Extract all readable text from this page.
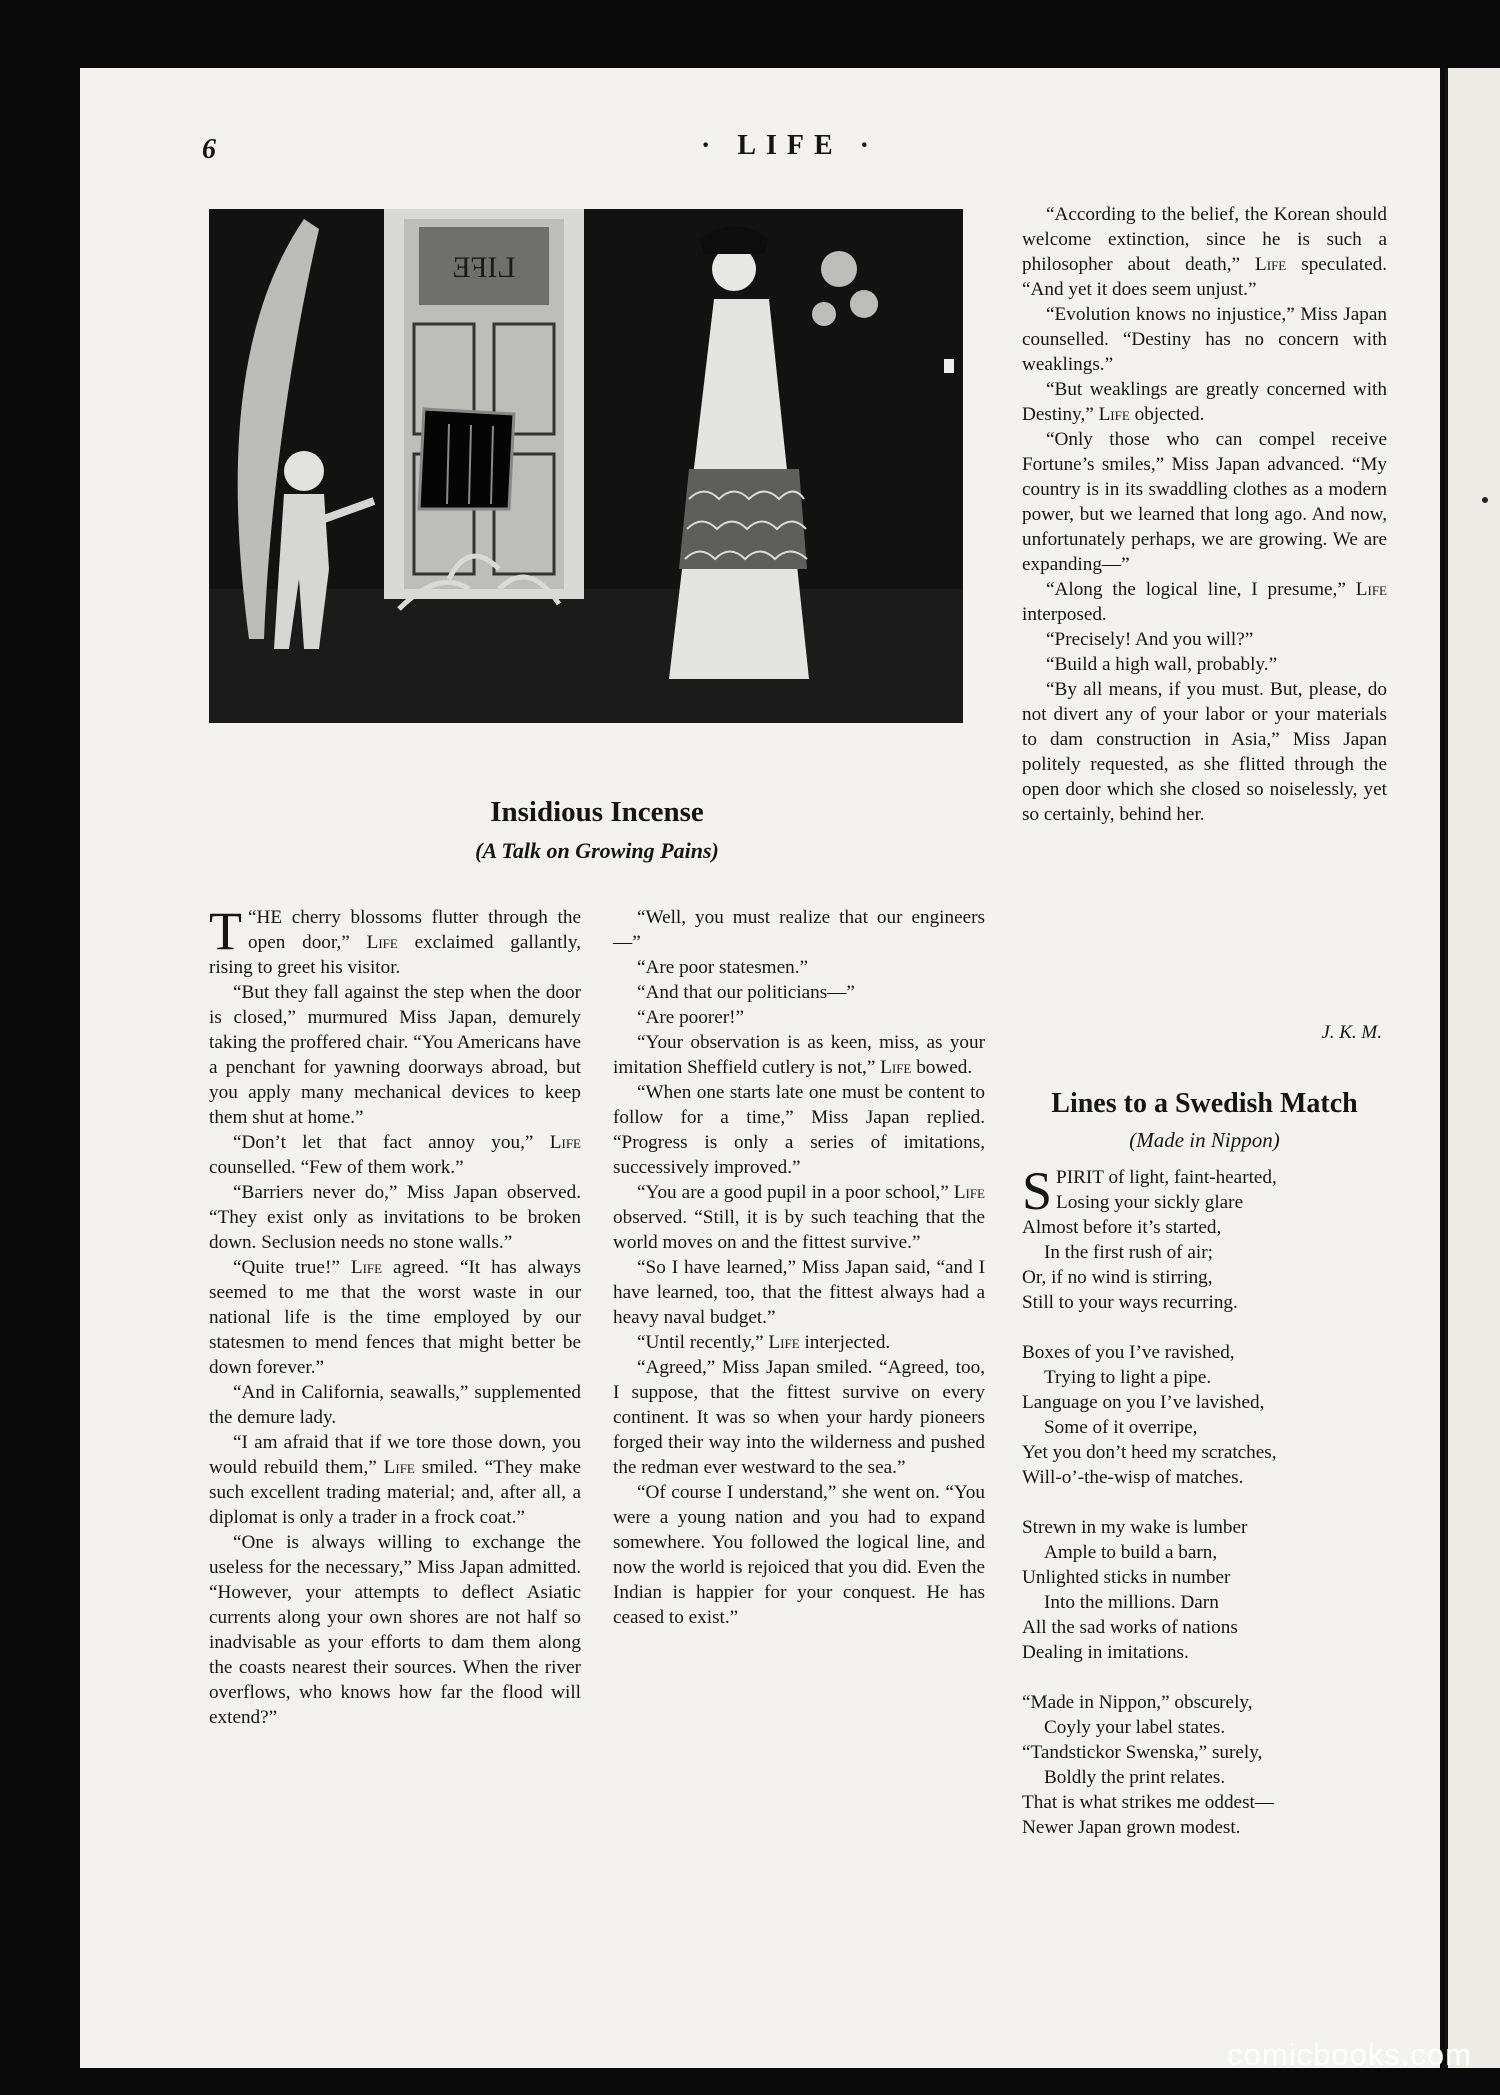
6	· LIFE ·
LIFE
Insidious Incense
(A Talk on Growing Pains)

“
T HE cherry blossoms flutter through the open door,” Life exclaimed gallantly, rising to greet his visitor.

“But they fall against the step when the door is closed,” murmured Miss Japan, demurely taking the proffered chair. “You Americans have a penchant for yawning doorways abroad, but you apply many mechanical devices to keep them shut at home.”

“Don’t let that fact annoy you,” Life counselled. “Few of them work.”

“Barriers never do,” Miss Japan observed. “They exist only as invitations to be broken down. Seclusion needs no stone walls.”

“Quite true!” Life agreed. “It has always seemed to me that the worst waste in our national life is the time employed by our statesmen to mend fences that might better be down forever.”

“And in California, seawalls,” supplemented the demure lady.

“I am afraid that if we tore those down, you would rebuild them,” Life smiled. “They make such excellent trading material; and, after all, a diplomat is only a trader in a frock coat.”

“One is always willing to exchange the useless for the necessary,” Miss Japan admitted. “However, your attempts to deflect Asiatic currents along your own shores are not half so inadvisable as your efforts to dam them along the coasts nearest their sources. When the river overflows, who knows how far the flood will extend?”

“Well, you must realize that our engineers—”

“Are poor statesmen.”

“And that our politicians—”

“Are poorer!”

“Your observation is as keen, miss, as your imitation Sheffield cutlery is not,” Life bowed.

“When one starts late one must be content to follow for a time,” Miss Japan replied. “Progress is only a series of imitations, successively improved.”

“You are a good pupil in a poor school,” Life observed. “Still, it is by such teaching that the world moves on and the fittest survive.”

“So I have learned,” Miss Japan said, “and I have learned, too, that the fittest always had a heavy naval budget.”

“Until recently,” Life interjected.

“Agreed,” Miss Japan smiled. “Agreed, too, I suppose, that the fittest survive on every continent. It was so when your hardy pioneers forged their way into the wilderness and pushed the redman ever westward to the sea.”

“Of course I understand,” she went on. “You were a young nation and you had to expand somewhere. You followed the logical line, and now the world is rejoiced that you did. Even the Indian is happier for your conquest. He has ceased to exist.”

“According to the belief, the Korean should welcome extinction, since he is such a philosopher about death,” Life speculated. “And yet it does seem unjust.”

“Evolution knows no injustice,” Miss Japan counselled. “Destiny has no concern with weaklings.”

“But weaklings are greatly concerned with Destiny,” Life objected.

“Only those who can compel receive Fortune’s smiles,” Miss Japan advanced. “My country is in its swaddling clothes as a modern power, but we learned that long ago. And now, unfortunately perhaps, we are growing. We are expanding—”

“Along the logical line, I presume,” Life interposed.

“Precisely! And you will?”

“Build a high wall, probably.”

“By all means, if you must. But, please, do not divert any of your labor or your materials to dam construction in Asia,” Miss Japan politely requested, as she flitted through the open door which she closed so noiselessly, yet so certainly, behind her.

J. K. M.
Lines to a Swedish Match
(Made in Nippon)
S PIRIT of light, faint-hearted,
Losing your sickly glare
Almost before it’s started,
In the first rush of air;
Or, if no wind is stirring,
Still to your ways recurring.
Boxes of you I’ve ravished,
Trying to light a pipe.
Language on you I’ve lavished,
Some of it overripe,
Yet you don’t heed my scratches,
Will-o’-the-wisp of matches.
Strewn in my wake is lumber
Ample to build a barn,
Unlighted sticks in number
Into the millions. Darn
All the sad works of nations
Dealing in imitations.
“Made in Nippon,” obscurely,
Coyly your label states.
“Tandstickor Swenska,” surely,
Boldly the print relates.
That is what strikes me oddest—
Newer Japan grown modest.
comicbooks.com
